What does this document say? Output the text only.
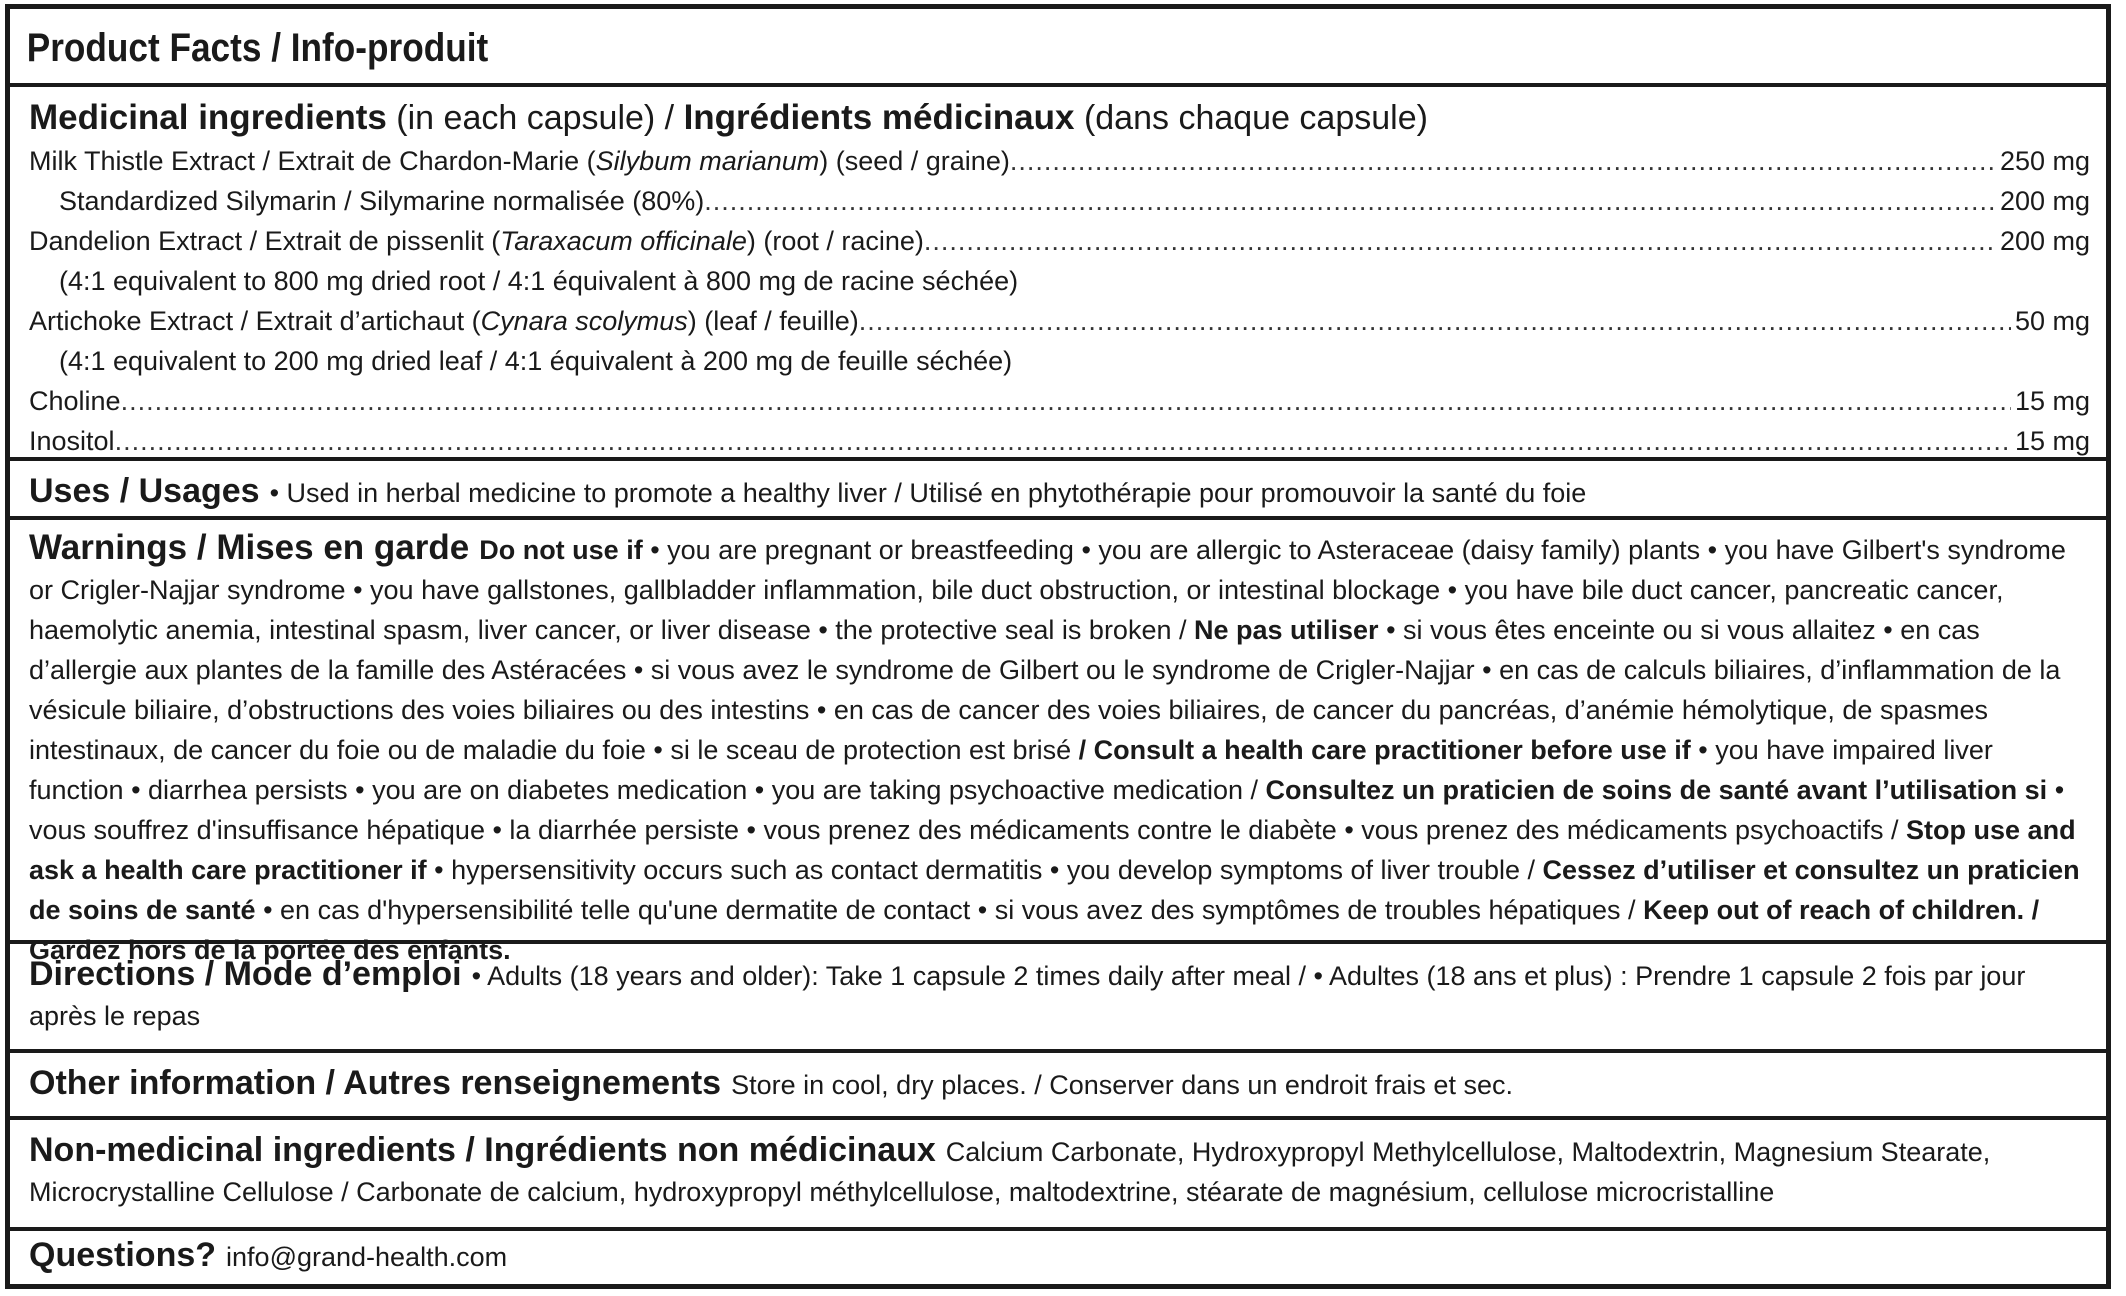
Product Facts / Info-produit
Medicinal ingredients (in each capsule) / Ingrédients médicinaux (dans chaque capsule)
Milk Thistle Extract / Extrait de Chardon-Marie (Silybum marianum) (seed / graine) .....	250 mg
Standardized Silymarin / Silymarine normalisée (80%) .....	200 mg
Dandelion Extract / Extrait de pissenlit (Taraxacum officinale) (root / racine) .....	200 mg
(4:1 equivalent to 800 mg dried root / 4:1 équivalent à 800 mg de racine séchée)
Artichoke Extract / Extrait d’artichaut (Cynara scolymus) (leaf / feuille) .....	50 mg
(4:1 equivalent to 200 mg dried leaf / 4:1 équivalent à 200 mg de feuille séchée)
Choline .....	15 mg
Inositol .....	15 mg
Uses / Usages • Used in herbal medicine to promote a healthy liver / Utilisé en phytothérapie pour promouvoir la santé du foie
Warnings / Mises en garde Do not use if • you are pregnant or breastfeeding • you are allergic to Asteraceae (daisy family) plants • you have Gilbert's syndrome or Crigler-Najjar syndrome • you have gallstones, gallbladder inflammation, bile duct obstruction, or intestinal blockage • you have bile duct cancer, pancreatic cancer, haemolytic anemia, intestinal spasm, liver cancer, or liver disease • the protective seal is broken / Ne pas utiliser • si vous êtes enceinte ou si vous allaitez • en cas d’allergie aux plantes de la famille des Astéracées • si vous avez le syndrome de Gilbert ou le syndrome de Crigler-Najjar • en cas de calculs biliaires, d’inflammation de la vésicule biliaire, d’obstructions des voies biliaires ou des intestins • en cas de cancer des voies biliaires, de cancer du pancréas, d’anémie hémolytique, de spasmes intestinaux, de cancer du foie ou de maladie du foie • si le sceau de protection est brisé / Consult a health care practitioner before use if • you have impaired liver function • diarrhea persists • you are on diabetes medication • you are taking psychoactive medication / Consultez un praticien de soins de santé avant l’utilisation si • vous souffrez d'insuffisance hépatique • la diarrhée persiste • vous prenez des médicaments contre le diabète • vous prenez des médicaments psychoactifs / Stop use and ask a health care practitioner if • hypersensitivity occurs such as contact dermatitis • you develop symptoms of liver trouble / Cessez d’utiliser et consultez un praticien de soins de santé • en cas d'hypersensibilité telle qu'une dermatite de contact • si vous avez des symptômes de troubles hépatiques / Keep out of reach of children. / Gardez hors de la portée des enfants.
Directions / Mode d’emploi • Adults (18 years and older): Take 1 capsule 2 times daily after meal / • Adultes (18 ans et plus) : Prendre 1 capsule 2 fois par jour après le repas
Other information / Autres renseignements Store in cool, dry places. / Conserver dans un endroit frais et sec.
Non-medicinal ingredients / Ingrédients non médicinaux Calcium Carbonate, Hydroxypropyl Methylcellulose, Maltodextrin, Magnesium Stearate, Microcrystalline Cellulose / Carbonate de calcium, hydroxypropyl méthylcellulose, maltodextrine, stéarate de magnésium, cellulose microcristalline
Questions? info@grand-health.com
